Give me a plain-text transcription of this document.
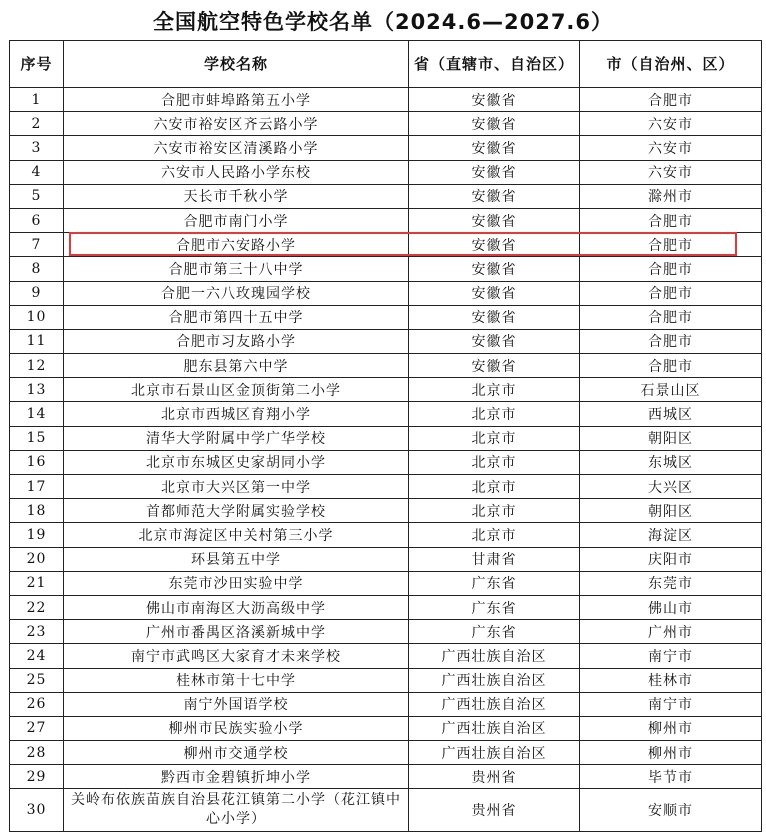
全国航空特色学校名单（2024.6—2027.6）
序号	学校名称	省（直辖市、自治区）	市（自治州、区）
1	合肥市蚌埠路第五小学	安徽省	合肥市
2	六安市裕安区齐云路小学	安徽省	六安市
3	六安市裕安区清溪路小学	安徽省	六安市
4	六安市人民路小学东校	安徽省	六安市
5	天长市千秋小学	安徽省	滁州市
6	合肥市南门小学	安徽省	合肥市
7	合肥市六安路小学	安徽省	合肥市
8	合肥市第三十八中学	安徽省	合肥市
9	合肥一六八玫瑰园学校	安徽省	合肥市
10	合肥市第四十五中学	安徽省	合肥市
11	合肥市习友路小学	安徽省	合肥市
12	肥东县第六中学	安徽省	合肥市
13	北京市石景山区金顶街第二小学	北京市	石景山区
14	北京市西城区育翔小学	北京市	西城区
15	清华大学附属中学广华学校	北京市	朝阳区
16	北京市东城区史家胡同小学	北京市	东城区
17	北京市大兴区第一中学	北京市	大兴区
18	首都师范大学附属实验学校	北京市	朝阳区
19	北京市海淀区中关村第三小学	北京市	海淀区
20	环县第五中学	甘肃省	庆阳市
21	东莞市沙田实验中学	广东省	东莞市
22	佛山市南海区大沥高级中学	广东省	佛山市
23	广州市番禺区洛溪新城中学	广东省	广州市
24	南宁市武鸣区大家育才未来学校	广西壮族自治区	南宁市
25	桂林市第十七中学	广西壮族自治区	桂林市
26	南宁外国语学校	广西壮族自治区	南宁市
27	柳州市民族实验小学	广西壮族自治区	柳州市
28	柳州市交通学校	广西壮族自治区	柳州市
29	黔西市金碧镇折坤小学	贵州省	毕节市
30	关岭布依族苗族自治县花江镇第二小学（花江镇中心小学）	贵州省	安顺市
